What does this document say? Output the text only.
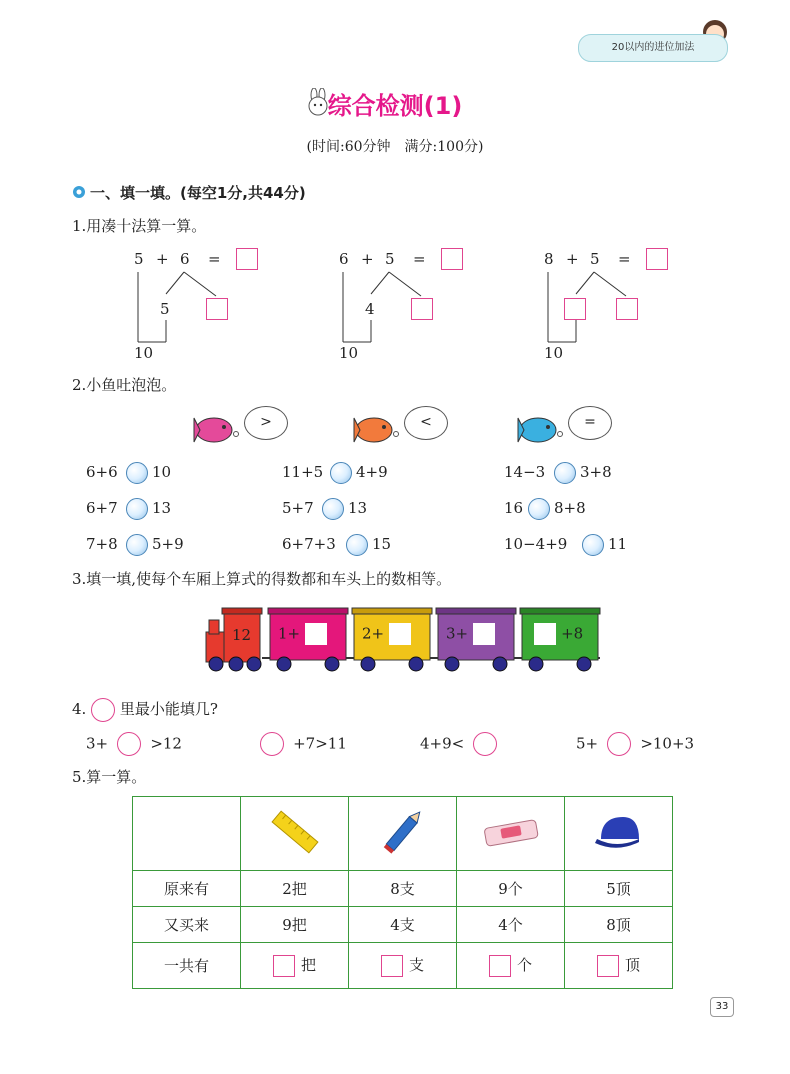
20以内的进位加法
综合检测(1)
(时间:60分钟　满分:100分)
一、填一填。(每空1分,共44分)
1.用凑十法算一算。
5 + 6 =
5
10
6 + 5 =
4
10
8 + 5 =
10
2.小鱼吐泡泡。
>	<	=
6+6 10	11+5 4+9	14−3 3+8
6+7 13	5+7 13	16 8+8
7+8 5+9	6+7+3 15	10−4+9	11
3.填一填,使每个车厢上算式的得数都和车头上的数相等。
12 1+	2+	3+	+8
4. 里最小能填几?
3+	>12	+7>11	4+9<	5+	>10+3
5.算一算。

原来有	2把	8支	9个	5顶
又买来	9把	4支	4个	8顶
一共有	把	支	个	顶
33
